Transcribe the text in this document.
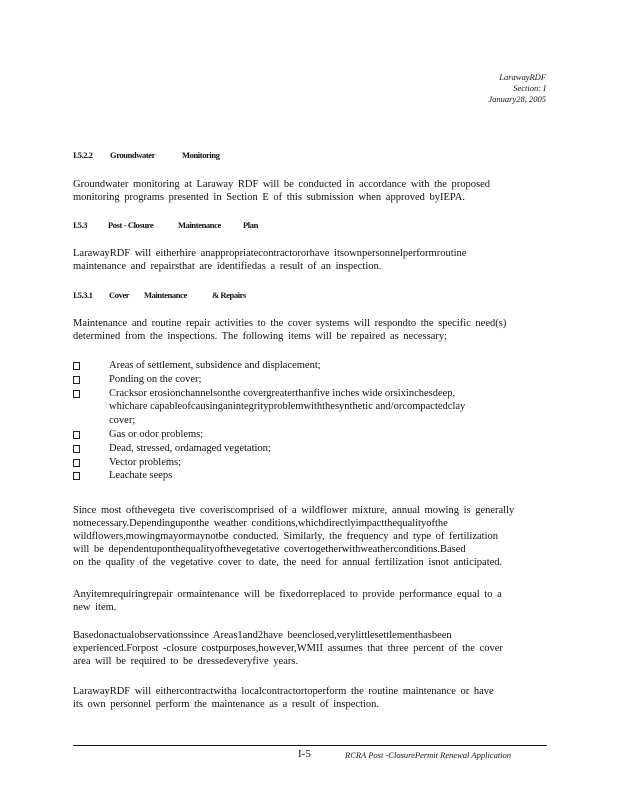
LarawayRDF
Section: I
January28, 2005
I.5.2.2 Groundwater	Monitoring
Groundwater monitoring at Laraway RDF will be conducted in accordance with the proposed
monitoring programs presented in Section E of this submission when approved byIEPA.
I.5.3 Post - Closure	Maintenance	Plan
LarawayRDF will eitherhire anappropriatecontractororhave itsownpersonnelperformroutine
maintenance and repairsthat are identifiedas a result of an inspection.
I.5.3.1 Cover Maintenance	& Repairs
Maintenance and routine repair activities to the cover systems will respondto the specific need(s)
determined from the inspections. The following items will be repaired as necessary;
Areas of settlement, subsidence and displacement;
Ponding on the cover;
Cracksor erosionchannelsonthe covergreaterthanfive inches wide orsixinchesdeep,
whichare capableofcausinganintegrityproblemwiththesynthetic and/orcompactedclay
cover;
Gas or odor problems;
Dead, stressed, ordamaged vegetation;
Vector problems;
Leachate seeps
Since most ofthevegeta tive coveriscomprised of a wildflower mixture, annual mowing is generally
notnecessary.Dependinguponthe weather conditions,whichdirectlyimpactthequalityofthe
wildflowers,mowingmayormaynotbe conducted. Similarly, the frequency and type of fertilization
will be dependentuponthequalityofthevegetative covertogetherwithweatherconditions.Based
on the quality of the vegetative cover to date, the need for annual fertilization isnot anticipated.
Anyitemrequiringrepair ormaintenance will be fixedorreplaced to provide performance equal to a
new item.
Basedonactualobservationssince Areas1and2have beenclosed,verylittlesettlementhasbeen
experienced.Forpost -closure costpurposes,however,WMII assumes that three percent of the cover
area will be required to be dressedeveryfive years.
LarawayRDF will eithercontractwitha localcontractortoperform the routine maintenance or have
its own personnel perform the maintenance as a result of inspection.
I-5	RCRA Post -ClosurePermit Renewal Application
